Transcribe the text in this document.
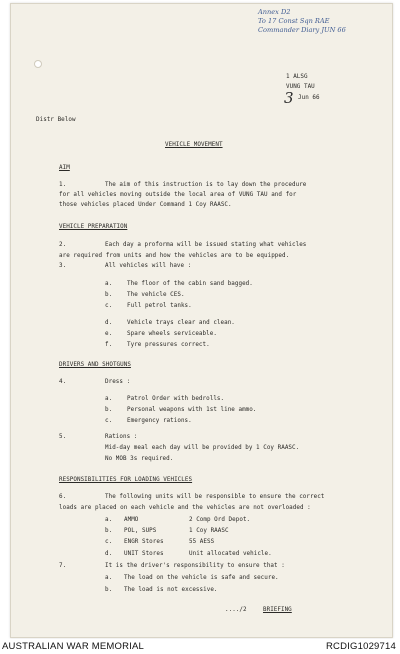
Annex D2
To 17 Const Sqn RAE
Commander Diary JUN 66
1 ALSG
VUNG TAU
3 Jun 66
Distr Below
VEHICLE MOVEMENT
AIM
1.	The aim of this instruction is to lay down the procedure
for all vehicles moving outside the local area of VUNG TAU and for
those vehicles placed Under Command 1 Coy RAASC.
VEHICLE PREPARATION
2.	Each day a proforma will be issued stating what vehicles
are required from units and how the vehicles are to be equipped.
3.	All vehicles will have :
a.	The floor of the cabin sand bagged.
b.	The vehicle CES.
c.	Full petrol tanks.
d.	Vehicle trays clear and clean.
e.	Spare wheels serviceable.
f.	Tyre pressures correct.
DRIVERS AND SHOTGUNS
4.	Dress :
a.	Patrol Order with bedrolls.
b.	Personal weapons with 1st line ammo.
c.	Emergency rations.
5.	Rations :
Mid-day meal each day will be provided by 1 Coy RAASC.
No MOB 3s required.
RESPONSIBILITIES FOR LOADING VEHICLES
6.	The following units will be responsible to ensure the correct
loads are placed on each vehicle and the vehicles are not overloaded :
a. AMMO	2 Comp Ord Depot.
b. POL, SUPS	1 Coy RAASC
c. ENGR Stores	55 AESS
d. UNIT Stores	Unit allocated vehicle.
7.	It is the driver's responsibility to ensure that :
a. The load on the vehicle is safe and secure.
b. The load is not excessive.
..../2	BRIEFING
AUSTRALIAN WAR MEMORIAL	RCDIG1029714
